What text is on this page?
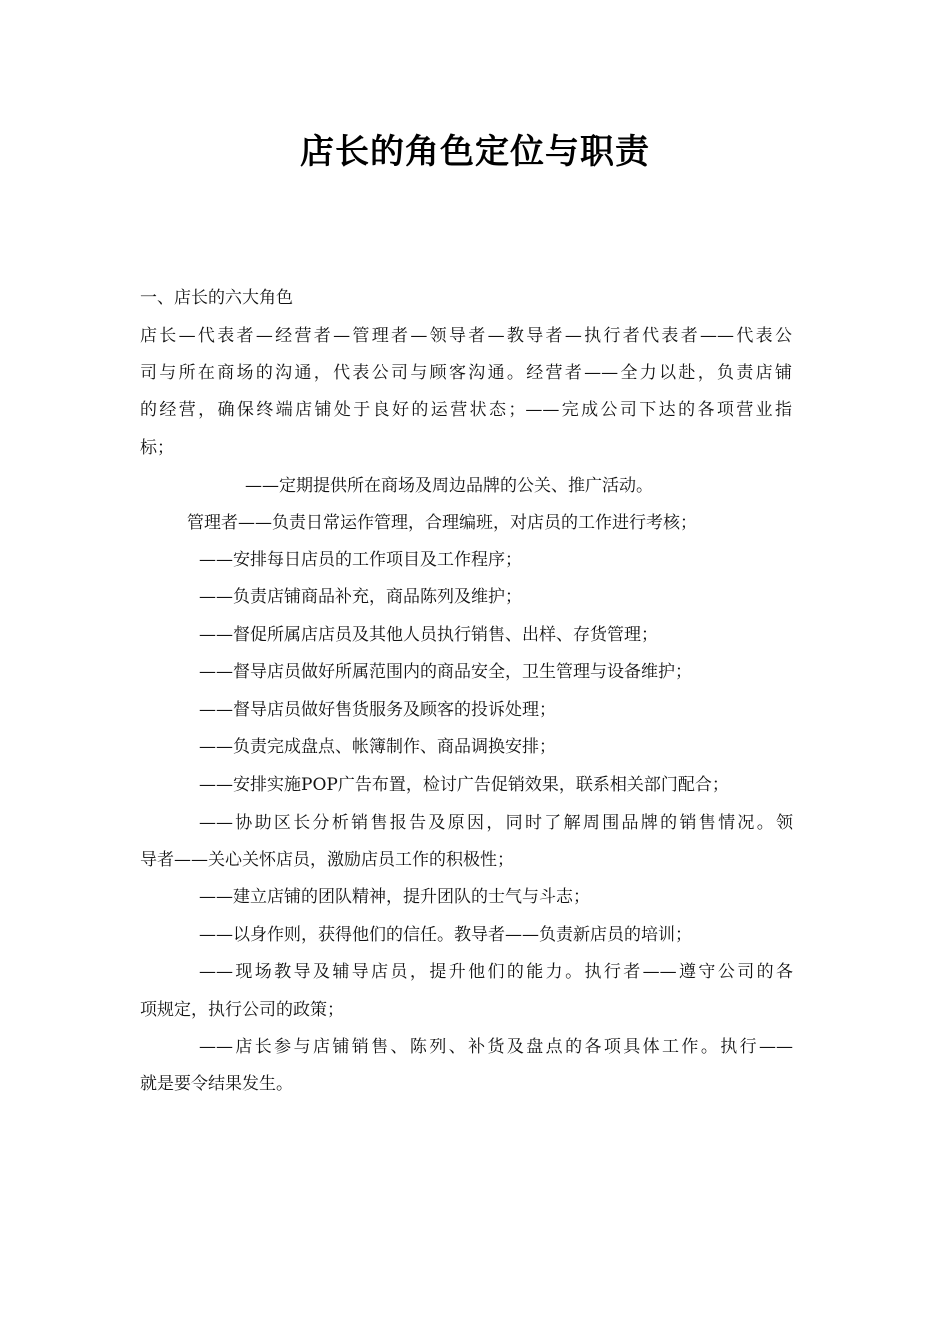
店长的角色定位与职责
一、店长的六大角色
店长—代表者—经营者—管理者—领导者—教导者—执行者代表者——代表公
司与所在商场的沟通，代表公司与顾客沟通。经营者——全力以赴，负责店铺
的经营，确保终端店铺处于良好的运营状态；——完成公司下达的各项营业指
标；
——定期提供所在商场及周边品牌的公关、推广活动。
管理者——负责日常运作管理，合理编班，对店员的工作进行考核；
——安排每日店员的工作项目及工作程序；
——负责店铺商品补充，商品陈列及维护；
——督促所属店店员及其他人员执行销售、出样、存货管理；
——督导店员做好所属范围内的商品安全，卫生管理与设备维护；
——督导店员做好售货服务及顾客的投诉处理；
——负责完成盘点、帐簿制作、商品调换安排；
——安排实施POP广告布置，检讨广告促销效果，联系相关部门配合；
——协助区长分析销售报告及原因，同时了解周围品牌的销售情况。领
导者——关心关怀店员，激励店员工作的积极性；
——建立店铺的团队精神，提升团队的士气与斗志；
——以身作则，获得他们的信任。教导者——负责新店员的培训；
——现场教导及辅导店员，提升他们的能力。执行者——遵守公司的各
项规定，执行公司的政策；
——店长参与店铺销售、陈列、补货及盘点的各项具体工作。执行——
就是要令结果发生。
